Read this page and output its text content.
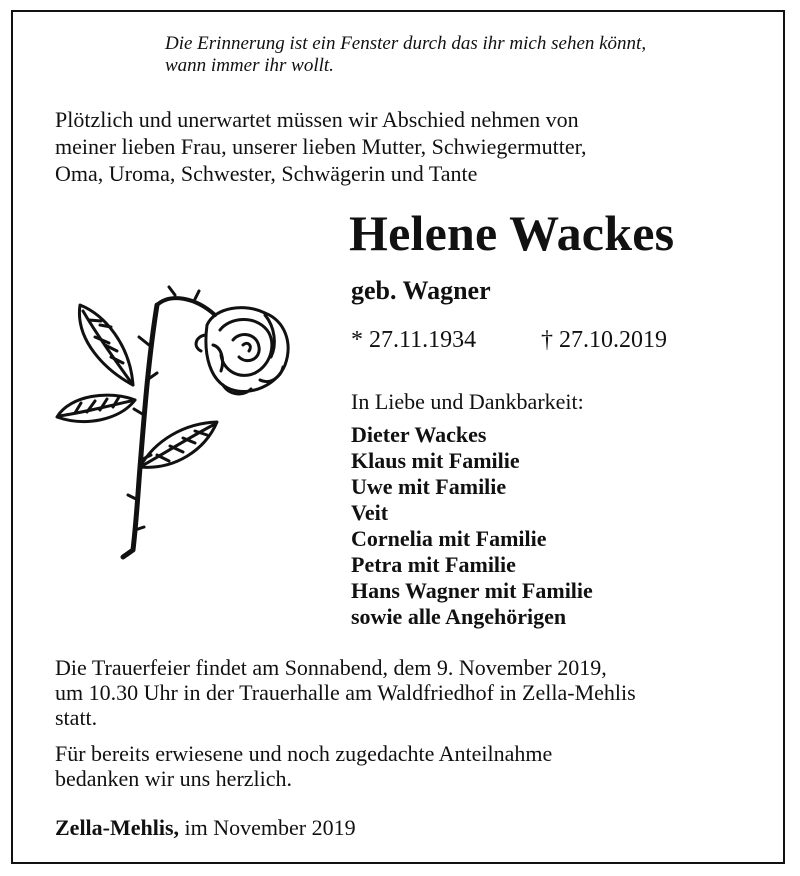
Die Erinnerung ist ein Fenster durch das ihr mich sehen könnt,
wann immer ihr wollt.
Plötzlich und unerwartet müssen wir Abschied nehmen von
meiner lieben Frau, unserer lieben Mutter, Schwiegermutter,
Oma, Uroma, Schwester, Schwägerin und Tante
Helene Wackes
geb. Wagner
* 27.11.1934	† 27.10.2019
In Liebe und Dankbarkeit:
Dieter Wackes
Klaus mit Familie
Uwe mit Familie
Veit
Cornelia mit Familie
Petra mit Familie
Hans Wagner mit Familie
sowie alle Angehörigen
Die Trauerfeier findet am Sonnabend, dem 9. November 2019,
um 10.30 Uhr in der Trauerhalle am Waldfriedhof in Zella-Mehlis
statt.
Für bereits erwiesene und noch zugedachte Anteilnahme
bedanken wir uns herzlich.
Zella-Mehlis, im November 2019
